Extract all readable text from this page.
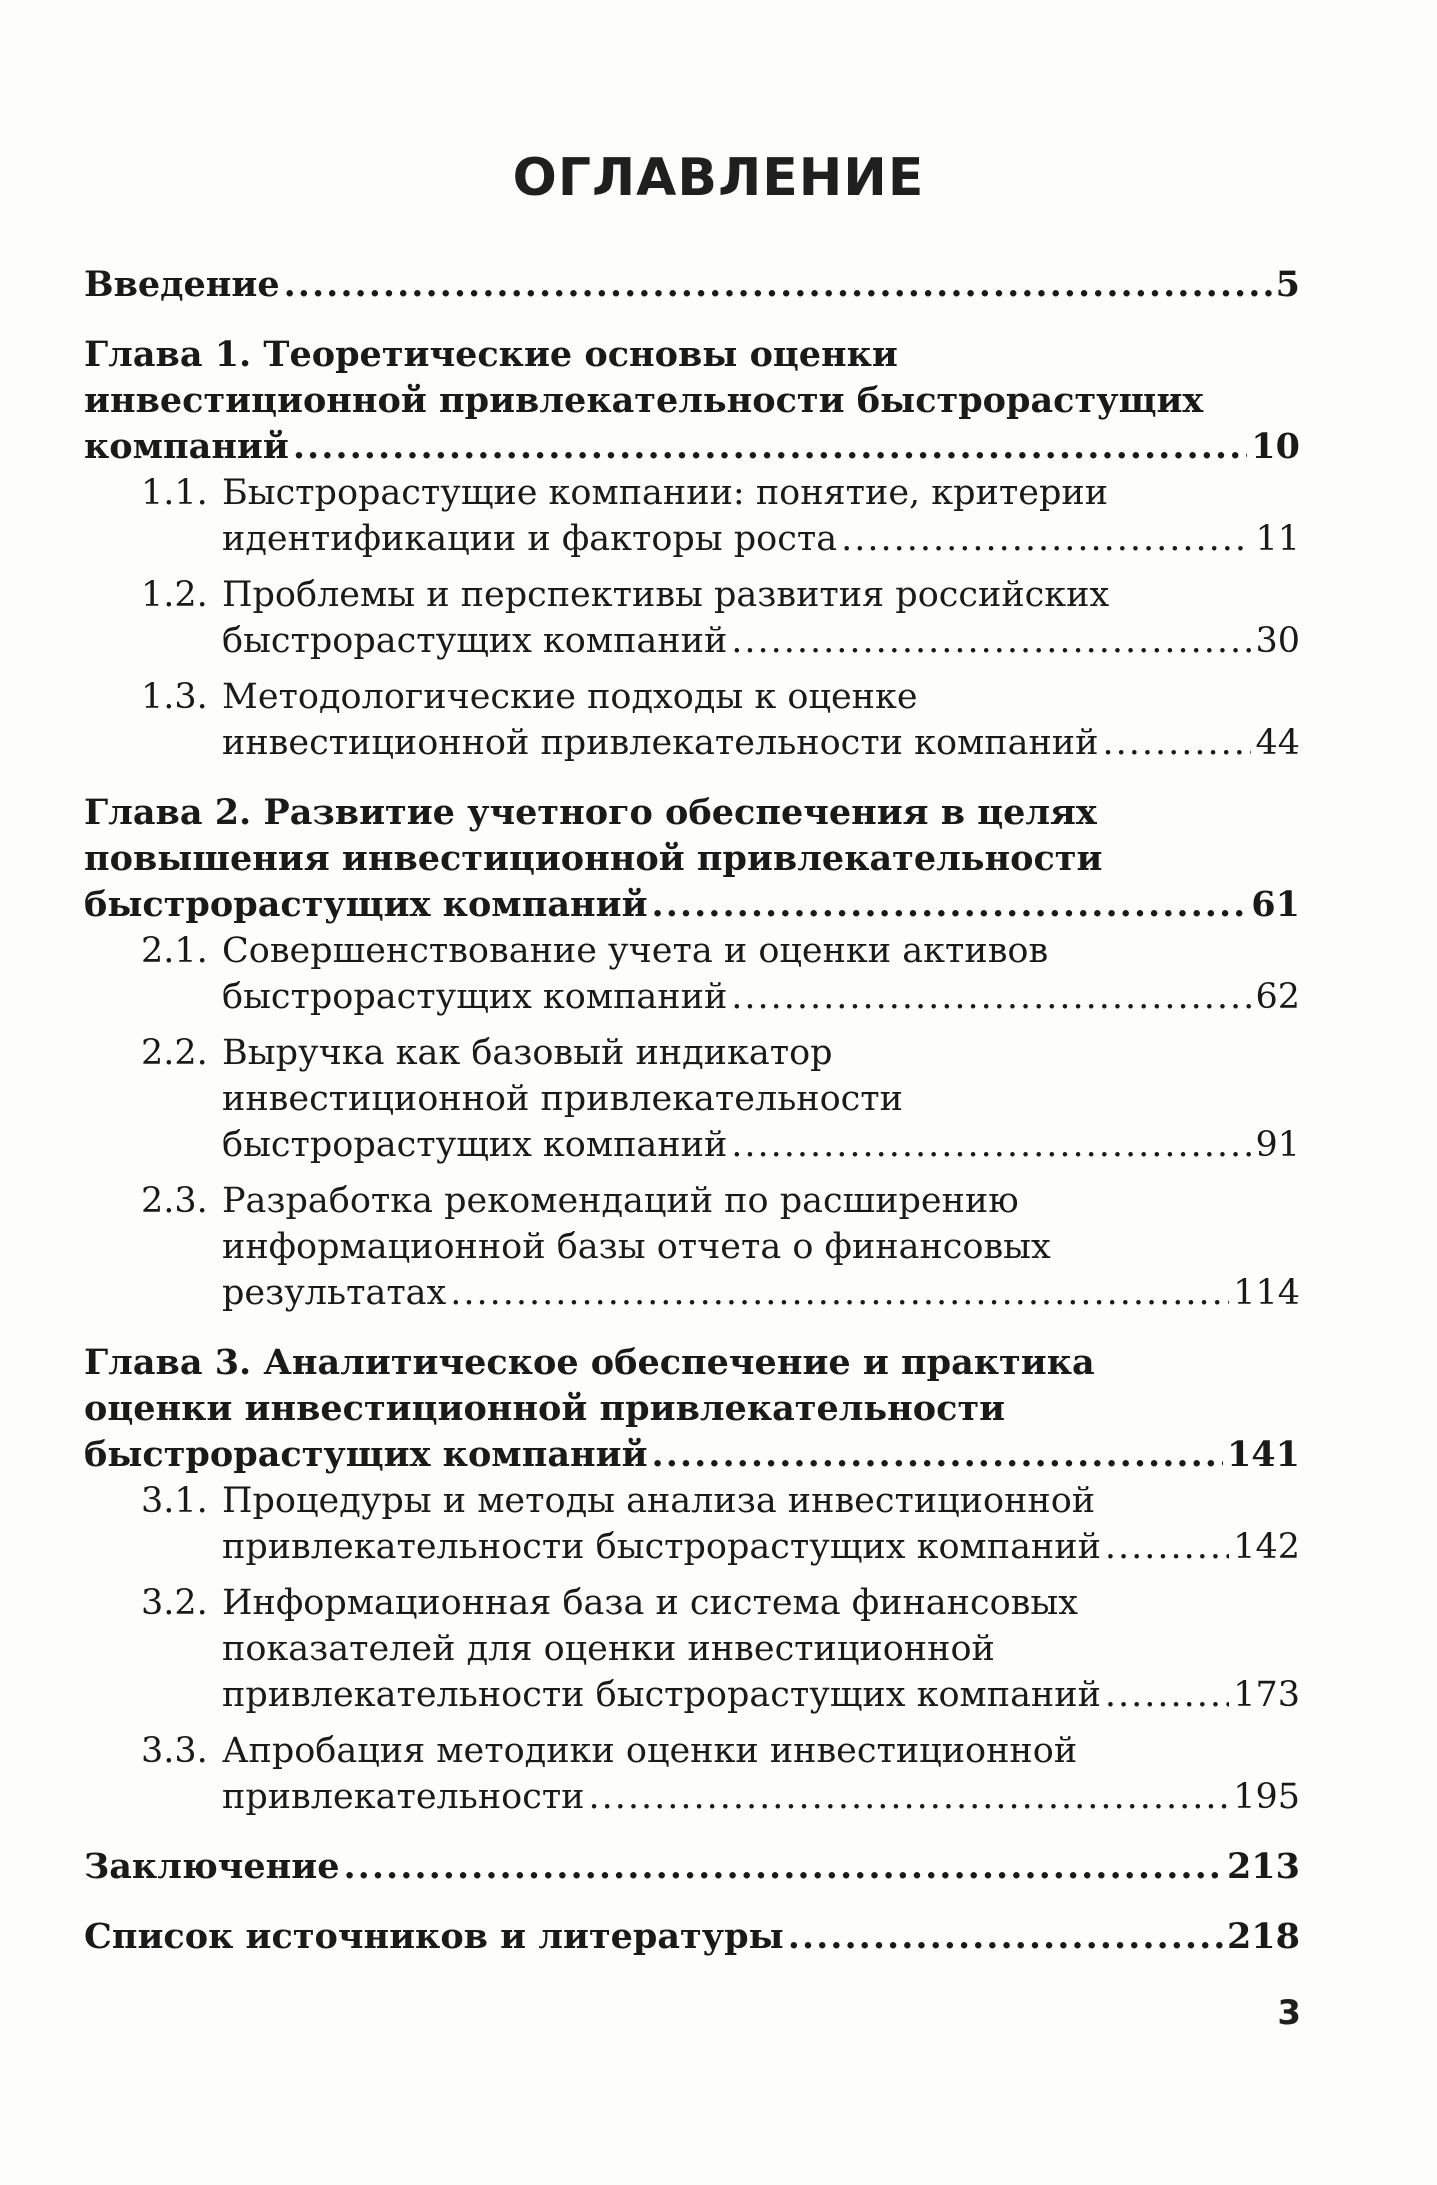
ОГЛАВЛЕНИЕ
Введение .....	5
Глава 1. Теоретические основы оценки
инвестиционной привлекательности быстрорастущих
компаний .....	10
1.1. Быстрорастущие компании: понятие, критерии
идентификации и факторы роста .....	11
1.2. Проблемы и перспективы развития российских
быстрорастущих компаний .....	30
1.3. Методологические подходы к оценке
инвестиционной привлекательности компаний .....	44
Глава 2. Развитие учетного обеспечения в целях
повышения инвестиционной привлекательности
быстрорастущих компаний .....	61
2.1. Совершенствование учета и оценки активов
быстрорастущих компаний .....	62
2.2. Выручка как базовый индикатор
инвестиционной привлекательности
быстрорастущих компаний .....	91
2.3. Разработка рекомендаций по расширению
информационной базы отчета о финансовых
результатах .....	114
Глава 3. Аналитическое обеспечение и практика
оценки инвестиционной привлекательности
быстрорастущих компаний .....	141
3.1. Процедуры и методы анализа инвестиционной
привлекательности быстрорастущих компаний .....	142
3.2. Информационная база и система финансовых
показателей для оценки инвестиционной
привлекательности быстрорастущих компаний .....	173
3.3. Апробация методики оценки инвестиционной
привлекательности .....	195
Заключение .....	213
Список источников и литературы .....	218
3
